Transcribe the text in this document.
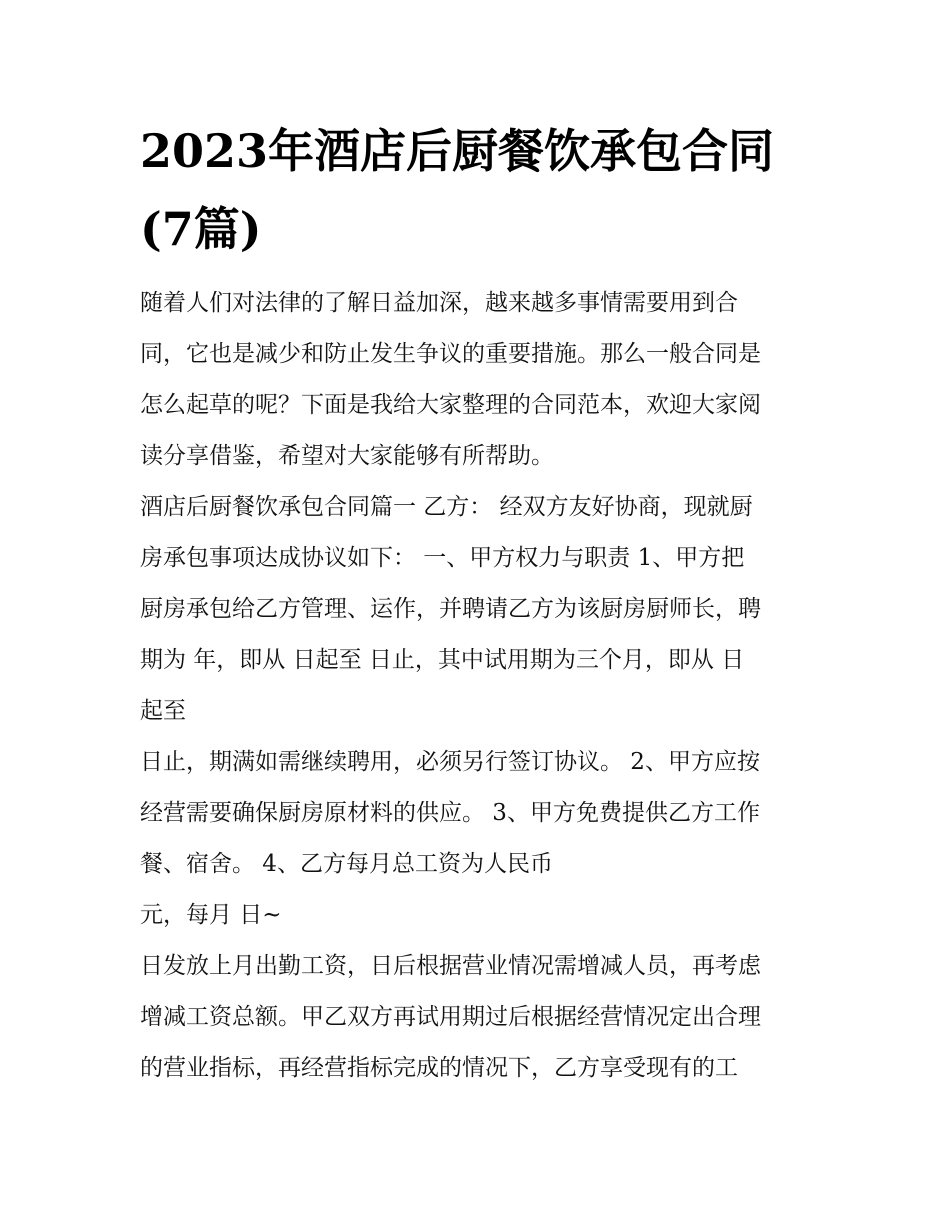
2023年酒店后厨餐饮承包合同
(7篇)
随着人们对法律的了解日益加深，越来越多事情需要用到合
同，它也是减少和防止发生争议的重要措施。那么一般合同是
怎么起草的呢？下面是我给大家整理的合同范本，欢迎大家阅
读分享借鉴，希望对大家能够有所帮助。
酒店后厨餐饮承包合同篇一 乙方： 经双方友好协商，现就厨
房承包事项达成协议如下： 一、甲方权力与职责 1、甲方把
厨房承包给乙方管理、运作，并聘请乙方为该厨房厨师长，聘
期为 年，即从 日起至 日止，其中试用期为三个月，即从 日
起至
日止，期满如需继续聘用，必须另行签订协议。 2、甲方应按
经营需要确保厨房原材料的供应。 3、甲方免费提供乙方工作
餐、宿舍。 4、乙方每月总工资为人民币
元，每月 日~
日发放上月出勤工资，日后根据营业情况需增减人员，再考虑
增减工资总额。甲乙双方再试用期过后根据经营情况定出合理
的营业指标，再经营指标完成的情况下，乙方享受现有的工
